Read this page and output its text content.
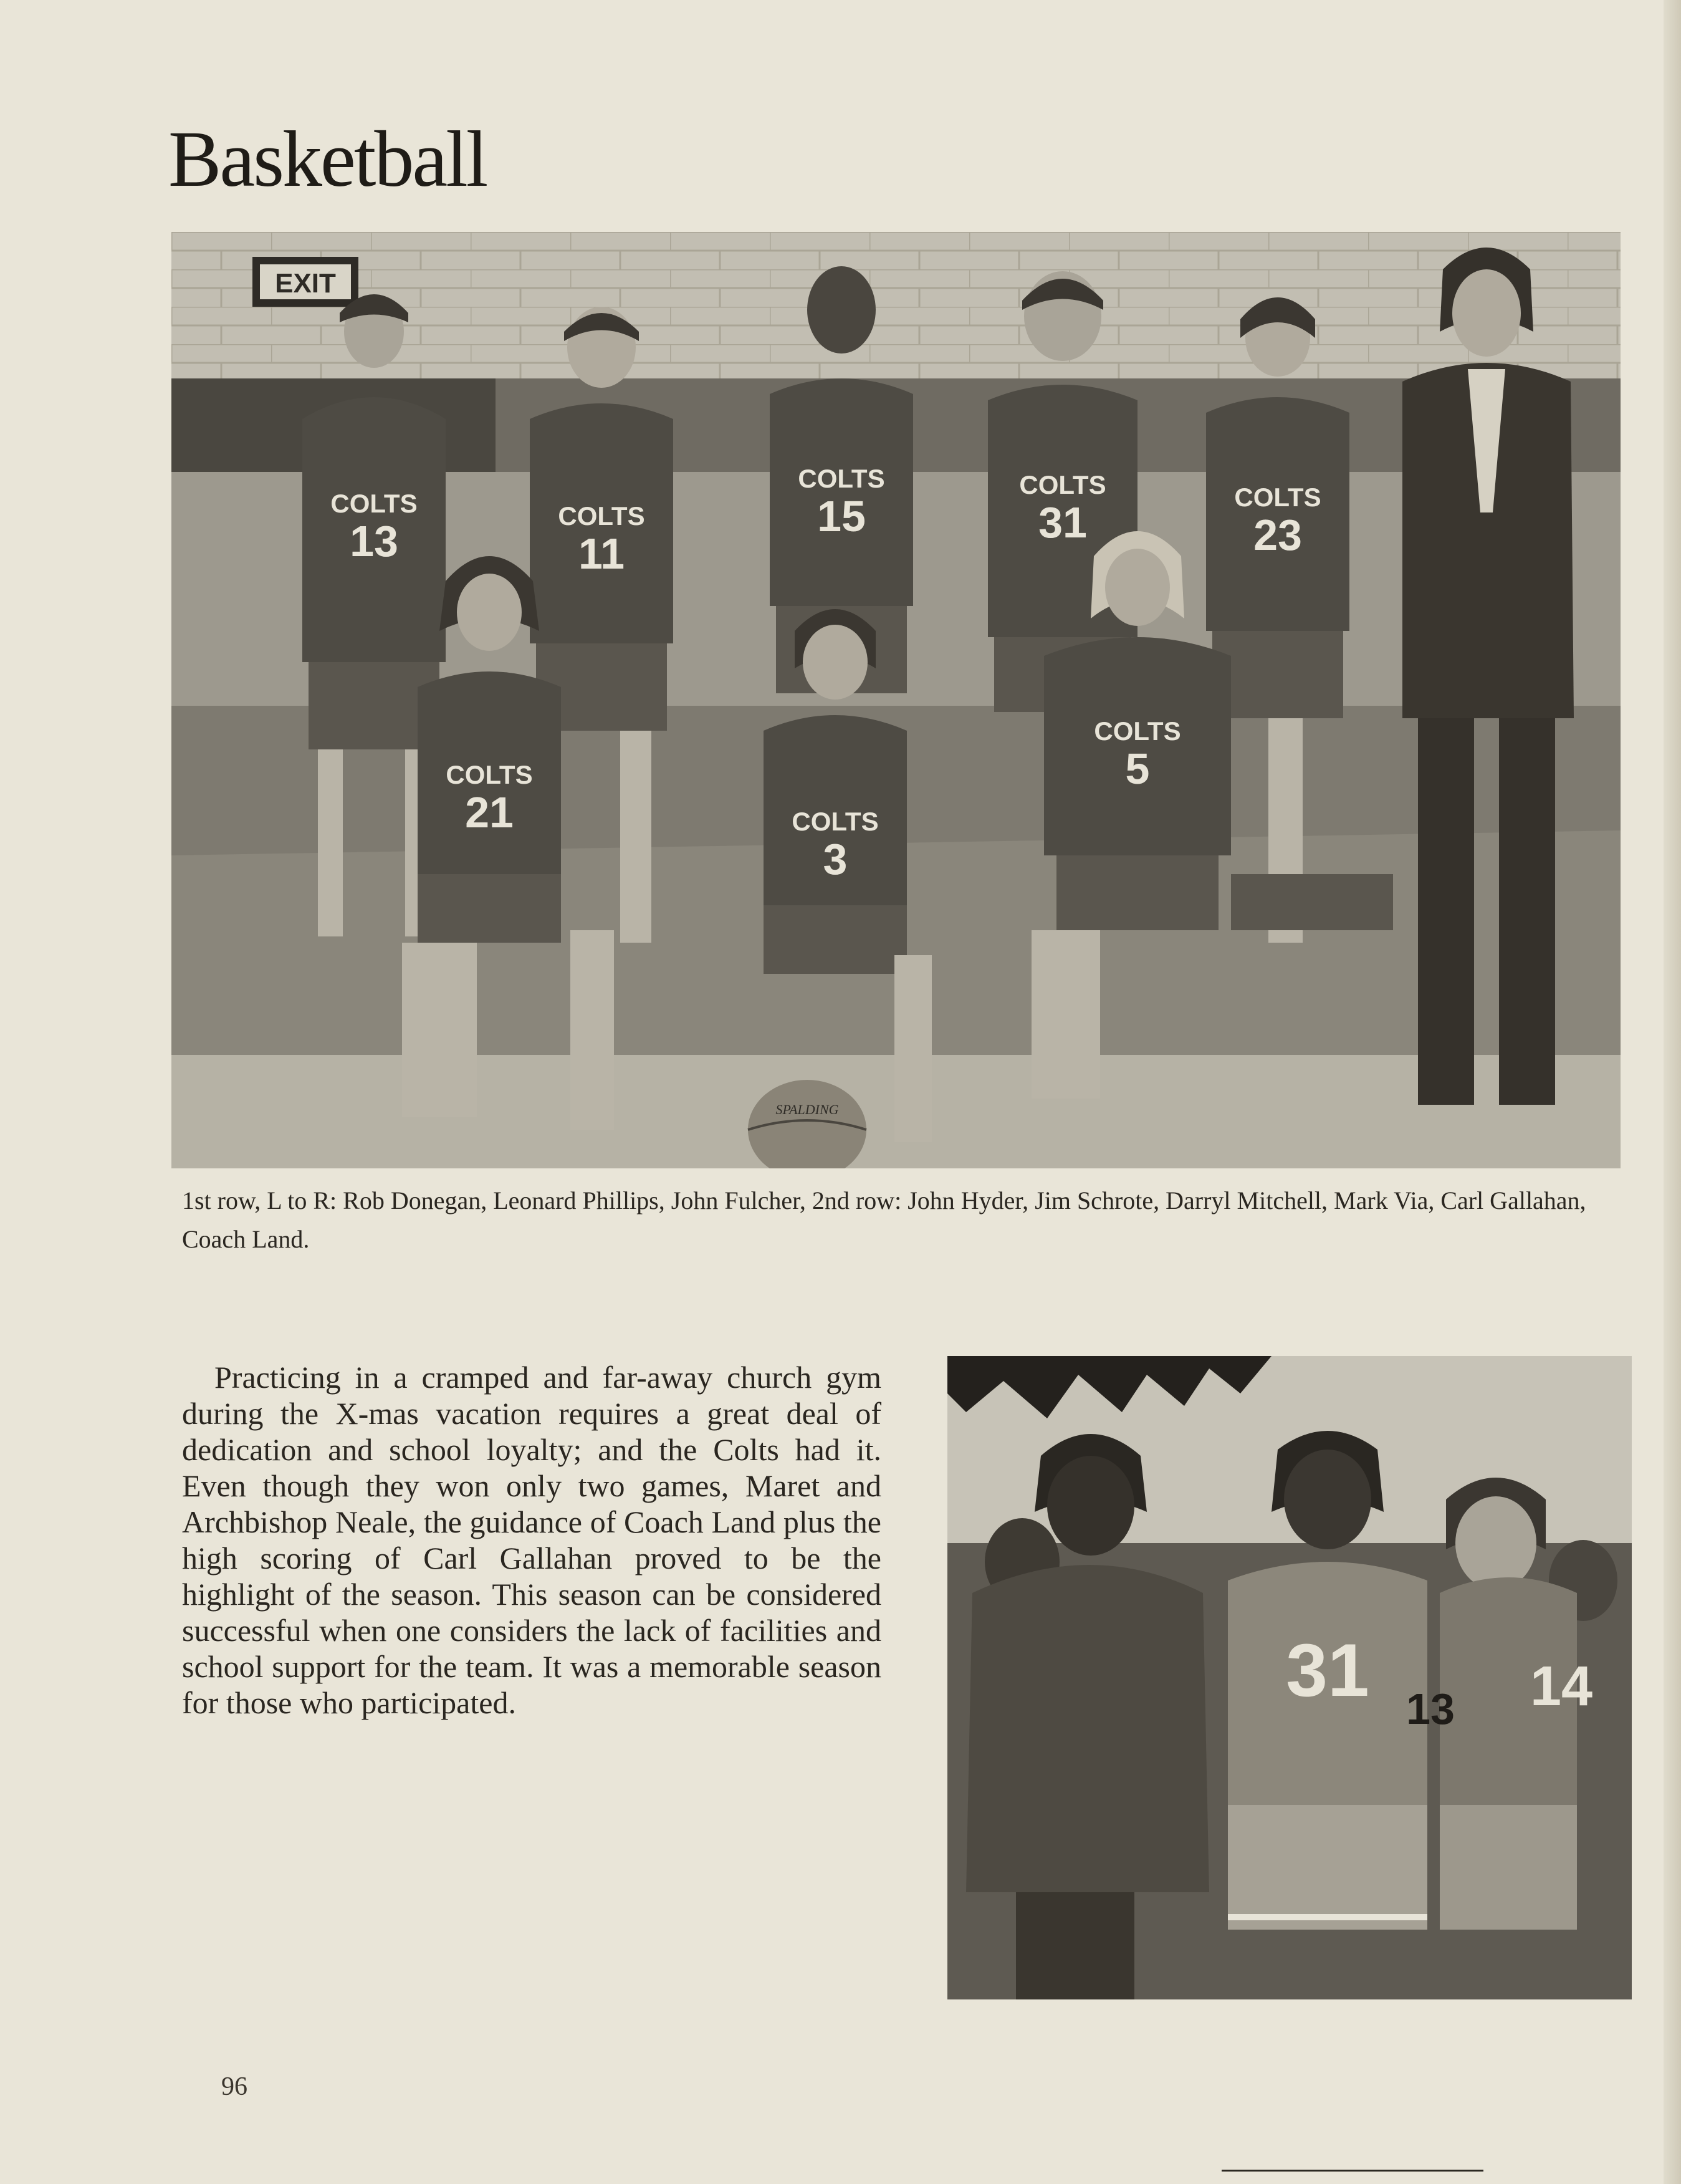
Basketball
EXIT
COLTS
13
COLTS
11
COLTS
15
COLTS
31
COLTS
23
COLTS
21	COLTS
3
SPALDING
COLTS
5
1st row, L to R: Rob Donegan, Leonard Phillips, John Fulcher, 2nd row: John Hyder, Jim Schrote, Darryl Mitchell, Mark Via, Carl Gallahan, Coach Land.
Practicing in a cramped and far-away church gym during the X-mas vacation requires a great deal of dedication and school loyalty; and the Colts had it. Even though they won only two games, Maret and Archbishop Neale, the guidance of Coach Land plus the high scoring of Carl Gallahan proved to be the highlight of the season. This season can be considered successful when one considers the lack of facilities and school support for the team. It was a memorable season for those who participated.	31	14
13
96
